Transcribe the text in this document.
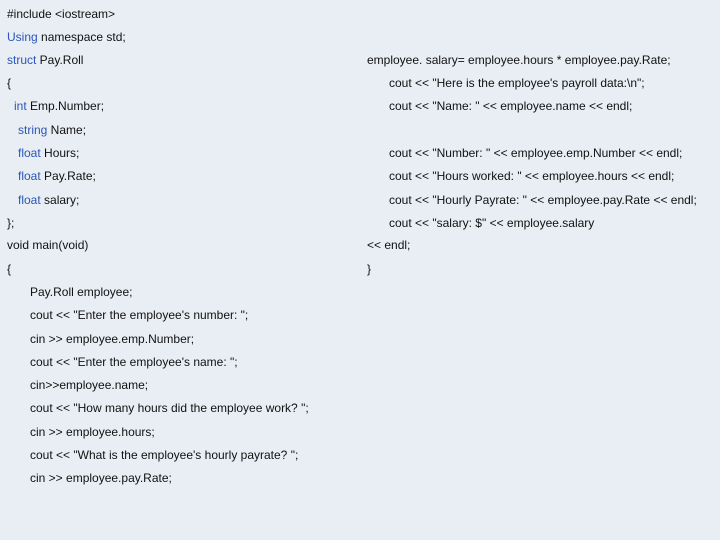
#include <iostream>
Using namespace std;
struct Pay.Roll
{
int Emp.Number;
string Name;
float Hours;
float Pay.Rate;
float salary;
};
void main(void)
{
Pay.Roll employee;
cout << "Enter the employee's number: ";
cin >> employee.emp.Number;
cout << "Enter the employee's name: ";
cin>>employee.name;
cout << "How many hours did the employee work? ";
cin >> employee.hours;
cout << "What is the employee's hourly payrate? ";
cin >> employee.pay.Rate;
employee. salary= employee.hours * employee.pay.Rate;
cout << "Here is the employee's payroll data:\n";
cout << "Name: " << employee.name << endl;
cout << "Number: " << employee.emp.Number << endl;
cout << "Hours worked: " << employee.hours << endl;
cout << "Hourly Payrate: " << employee.pay.Rate << endl;
cout << "salary: $" << employee.salary
<< endl;
}
